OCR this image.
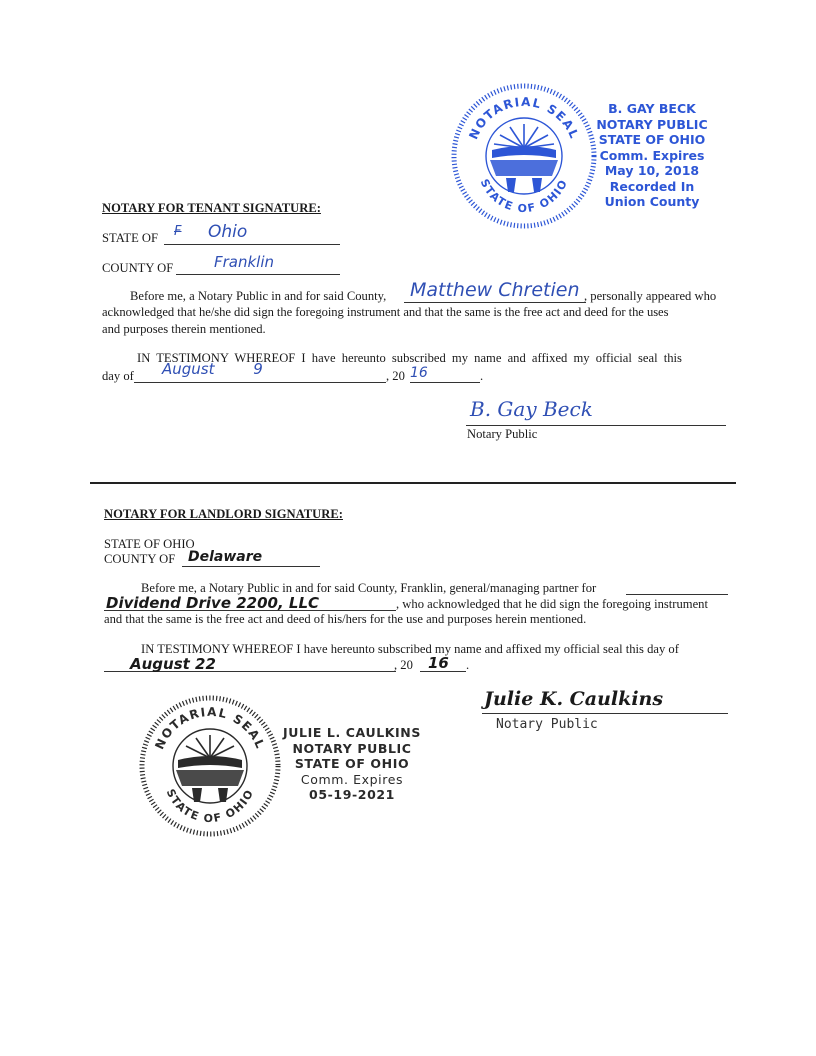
NOTARIAL SEAL
STATE OF OHIO
B. GAY BECK
NOTARY PUBLIC
STATE OF OHIO
Comm. Expires
May 10, 2018
Recorded In
Union County
NOTARY FOR TENANT SIGNATURE:
STATE OF	Ohio
F
COUNTY OF	Franklin
Before me, a Notary Public in and for said County, Matthew Chretien , personally appeared who
acknowledged that he/she did sign the foregoing instrument and that the same is the free act and deed for the uses
and purposes therein mentioned.
IN TESTIMONY WHEREOF I have hereunto subscribed my name and affixed my official seal this
day of August 9	, 20 16	.
B. Gay Beck
Notary Public
NOTARY FOR LANDLORD SIGNATURE:
STATE OF OHIO
COUNTY OF Delaware
Before me, a Notary Public in and for said County, Franklin, general/managing partner for
Dividend Drive 2200, LLC	, who acknowledged that he did sign the foregoing instrument
and that the same is the free act and deed of his/hers for the use and purposes herein mentioned.
IN TESTIMONY WHEREOF I have hereunto subscribed my name and affixed my official seal this day of
August 22	, 20 16 .
Julie K. Caulkins
Notary Public
NOTARIAL SEAL
STATE OF OHIO
JULIE L. CAULKINS
NOTARY PUBLIC
STATE OF OHIO
Comm. Expires
05-19-2021
